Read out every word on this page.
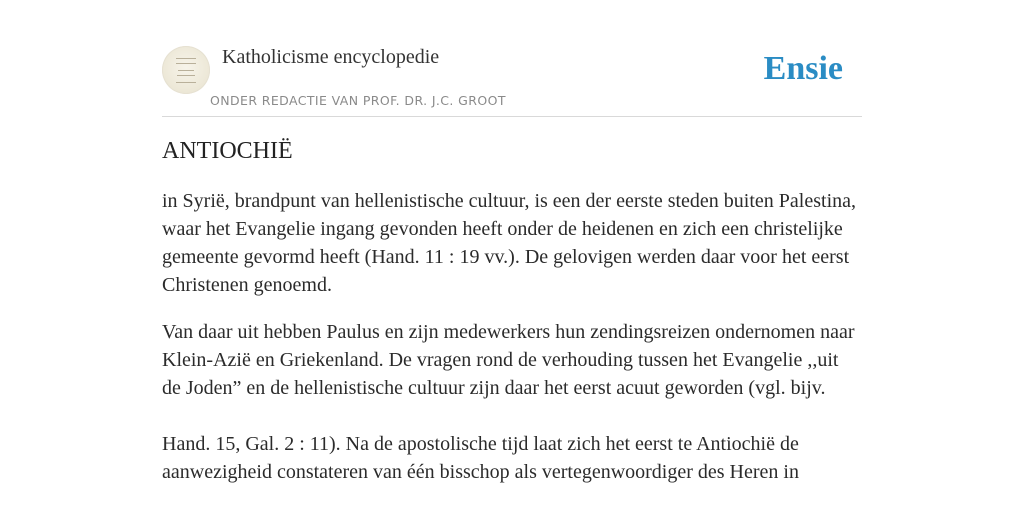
Katholicisme encyclopedie
ONDER REDACTIE VAN PROF. DR. J.C. GROOT
Ensie
ANTIOCHIË

in Syrië, brandpunt van hellenistische cultuur, is een der eerste steden buiten Palestina, waar het Evangelie ingang gevonden heeft onder de heidenen en zich een christelijke gemeente gevormd heeft (Hand. 11 : 19 vv.). De gelovigen werden daar voor het eerst Christenen genoemd.

Van daar uit hebben Paulus en zijn medewerkers hun zendingsreizen ondernomen naar Klein-Azië en Griekenland. De vragen rond de verhouding tussen het Evangelie ,,uit de Joden” en de hellenistische cultuur zijn daar het eerst acuut geworden (vgl. bijv.

Hand. 15, Gal. 2 : 11). Na de apostolische tijd laat zich het eerst te Antiochië de aanwezigheid constateren van één bisschop als vertegenwoordiger des Heren in
